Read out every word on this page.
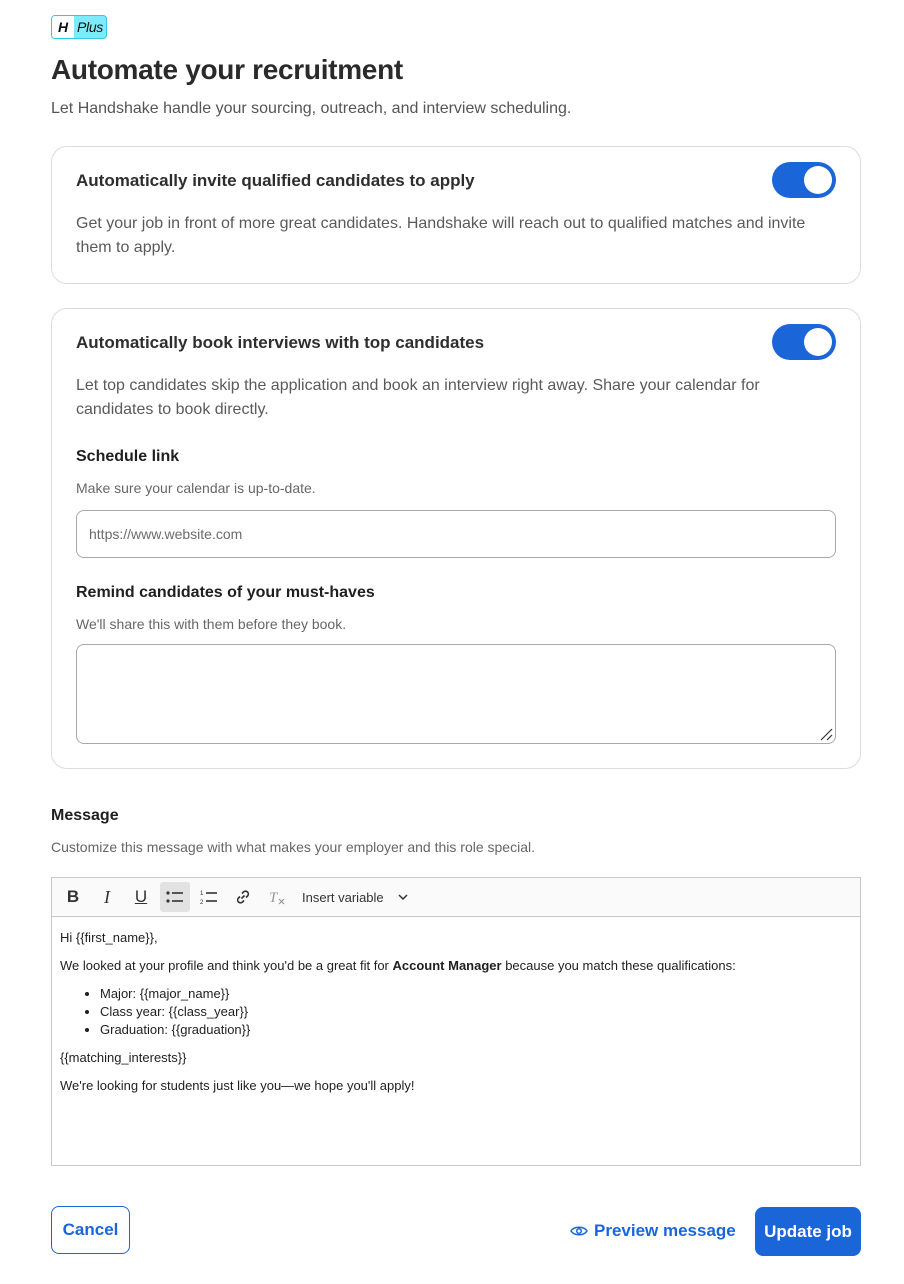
H Plus
Automate your recruitment
Let Handshake handle your sourcing, outreach, and interview scheduling.
Automatically invite qualified candidates to apply
Get your job in front of more great candidates. Handshake will reach out to qualified matches and invite them to apply.
Automatically book interviews with top candidates
Let top candidates skip the application and book an interview right away. Share your calendar for candidates to book directly.
Schedule link
Make sure your calendar is up-to-date.
https://www.website.com
Remind candidates of your must-haves
We'll share this with them before they book.
Message
Customize this message with what makes your employer and this role special.
B	I	U	1
2	T Insert variable

Hi {{first_name}},

We looked at your profile and think you'd be a great fit for Account Manager because you match these qualifications:

• Major: {{major_name}}
• Class year: {{class_year}}
• Graduation: {{graduation}}

{{matching_interests}}

We're looking for students just like you—we hope you'll apply!

Cancel	Preview message	Update job
